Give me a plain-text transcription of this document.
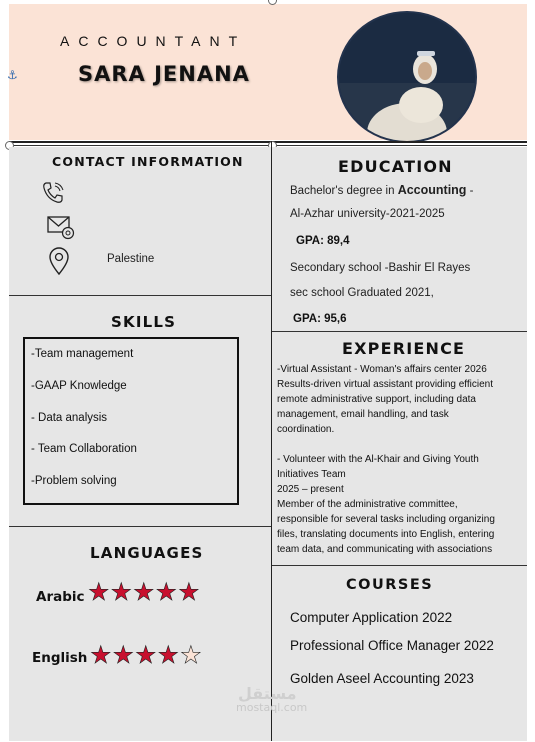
ACCOUNTANT
SARA JENANA
⚓
CONTACT INFORMATION
Palestine
SKILLS
-Team management
-GAAP Knowledge
- Data analysis
- Team Collaboration
-Problem solving
LANGUAGES
Arabic ★★★★★
English ★★★★★
EDUCATION
Bachelor's degree in Accounting -
Al-Azhar university-2021-2025
GPA: 89,4
Secondary school -Bashir El Rayes
sec school Graduated 2021,
GPA: 95,6
EXPERIENCE
-Virtual Assistant - Woman's affairs center 2026
Results-driven virtual assistant providing efficient
remote administrative support, including data
management, email handling, and task
coordination.
- Volunteer with the Al-Khair and Giving Youth
Initiatives Team
2025 – present
Member of the administrative committee,
responsible for several tasks including organizing
files, translating documents into English, entering
team data, and communicating with associations
COURSES
Computer Application 2022
Professional Office Manager 2022
Golden Aseel Accounting 2023
مستقل
mostaql.com
